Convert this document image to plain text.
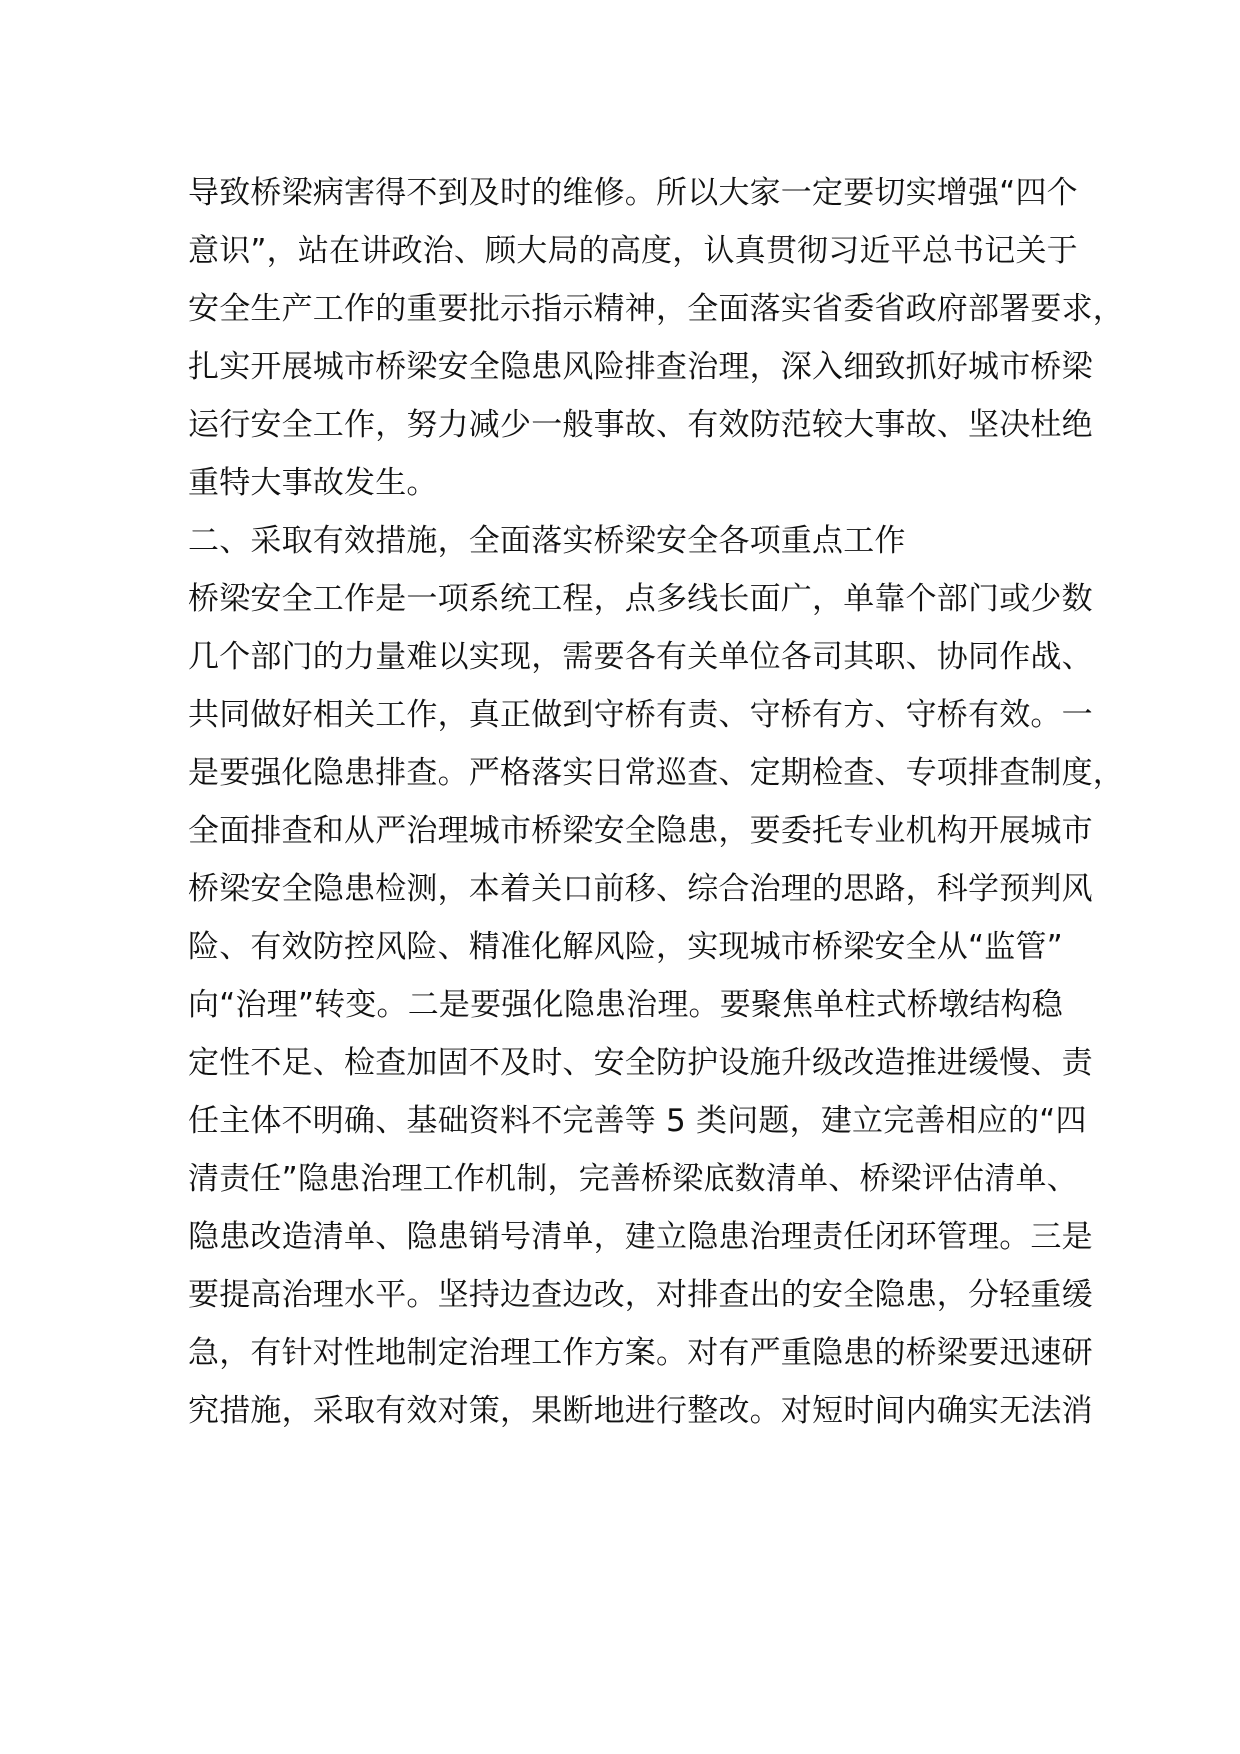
导致桥梁病害得不到及时的维修。所以大家一定要切实增强“四个
意识”，站在讲政治、顾大局的高度，认真贯彻习近平总书记关于
安全生产工作的重要批示指示精神，全面落实省委省政府部署要求，
扎实开展城市桥梁安全隐患风险排查治理，深入细致抓好城市桥梁
运行安全工作，努力减少一般事故、有效防范较大事故、坚决杜绝
重特大事故发生。
二、采取有效措施，全面落实桥梁安全各项重点工作
桥梁安全工作是一项系统工程，点多线长面广，单靠个部门或少数
几个部门的力量难以实现，需要各有关单位各司其职、协同作战、
共同做好相关工作，真正做到守桥有责、守桥有方、守桥有效。一
是要强化隐患排查。严格落实日常巡查、定期检查、专项排查制度，
全面排查和从严治理城市桥梁安全隐患，要委托专业机构开展城市
桥梁安全隐患检测，本着关口前移、综合治理的思路，科学预判风
险、有效防控风险、精准化解风险，实现城市桥梁安全从“监管”
向“治理”转变。二是要强化隐患治理。要聚焦单柱式桥墩结构稳
定性不足、检查加固不及时、安全防护设施升级改造推进缓慢、责
任主体不明确、基础资料不完善等 5 类问题，建立完善相应的“四
清责任”隐患治理工作机制，完善桥梁底数清单、桥梁评估清单、
隐患改造清单、隐患销号清单，建立隐患治理责任闭环管理。三是
要提高治理水平。坚持边查边改，对排查出的安全隐患，分轻重缓
急，有针对性地制定治理工作方案。对有严重隐患的桥梁要迅速研
究措施，采取有效对策，果断地进行整改。对短时间内确实无法消
